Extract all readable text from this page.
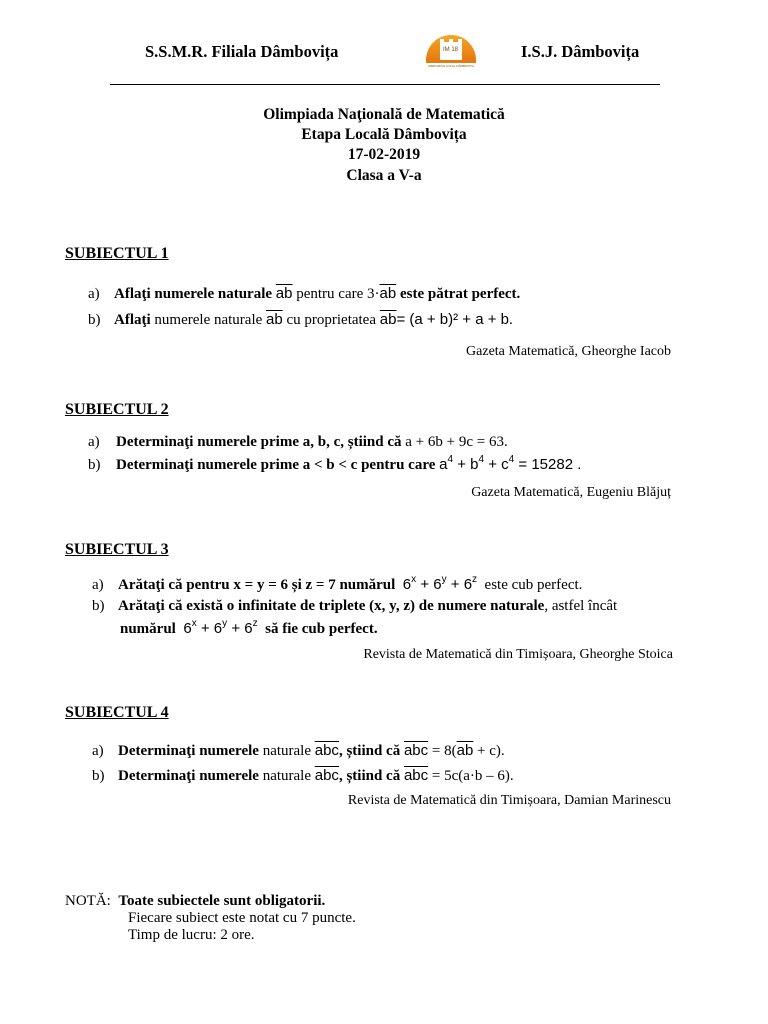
S.S.M.R. Filiala Dâmbovița	IM 18
SIMPOZION LOCAL DÂMBOVIȚA
I.S.J. Dâmbovița
Olimpiada Naţională de Matematică
Etapa Locală Dâmbovița
17-02-2019
Clasa a V-a
SUBIECTUL 1
a) Aflaţi numerele naturale $\overline{ab}$ pentru care $3\cdot\overline{ab}$ este pătrat perfect.
b) Aflaţi numerele naturale $\overline{ab}$ cu proprietatea $\overline{ab}= (a + b)^2 + a + b$.
Gazeta Matematică, Gheorghe Iacob
SUBIECTUL 2
a) Determinaţi numerele prime a, b, c, știind că a + 6b + 9c = 63.
b) Determinaţi numerele prime a < b < c pentru care $a^4 + b^4 + c^4 = 15282$ .
Gazeta Matematică, Eugeniu Blăjuț
SUBIECTUL 3
a) Arătaţi că pentru x = y = 6 și z = 7 numărul $6^x + 6^y + 6^z$ este cub perfect.
b) Arătaţi că există o infinitate de triplete (x, y, z) de numere naturale, astfel încât
numărul $6^x + 6^y + 6^z$ să fie cub perfect.
Revista de Matematică din Timișoara, Gheorghe Stoica
SUBIECTUL 4
a) Determinaţi numerele naturale $\overline{abc}$, știind că $\overline{abc} = 8(\overline{ab} + c)$.
b) Determinaţi numerele naturale $\overline{abc}$, știind că $\overline{abc} = 5c(a\cdot b - 6)$.
Revista de Matematică din Timișoara, Damian Marinescu
NOTĂ: Toate subiectele sunt obligatorii.
Fiecare subiect este notat cu 7 puncte.
Timp de lucru: 2 ore.
